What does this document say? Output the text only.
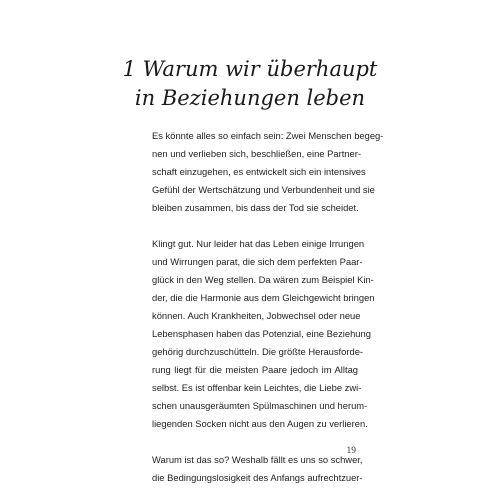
1 Warum wir überhaupt
in Beziehungen leben

Es könnte alles so einfach sein: Zwei Menschen begeg-
nen und verlieben sich, beschließen, eine Partner-
schaft einzugehen, es entwickelt sich ein intensives
Gefühl der Wertschätzung und Verbundenheit und sie
bleiben zusammen, bis dass der Tod sie scheidet.

Klingt gut. Nur leider hat das Leben einige Irrungen
und Wirrungen parat, die sich dem perfekten Paar-
glück in den Weg stellen. Da wären zum Beispiel Kin-
der, die die Harmonie aus dem Gleichgewicht bringen
können. Auch Krankheiten, Jobwechsel oder neue
Lebensphasen haben das Potenzial, eine Beziehung
gehörig durchzuschütteln. Die größte Herausforde-
rung liegt für die meisten Paare jedoch im Alltag
selbst. Es ist offenbar kein Leichtes, die Liebe zwi-
schen unausgeräumten Spülmaschinen und herum-
liegenden Socken nicht aus den Augen zu verlieren.

Warum ist das so? Weshalb fällt es uns so schwer,
die Bedingungslosigkeit des Anfangs aufrechtzuer-

19
